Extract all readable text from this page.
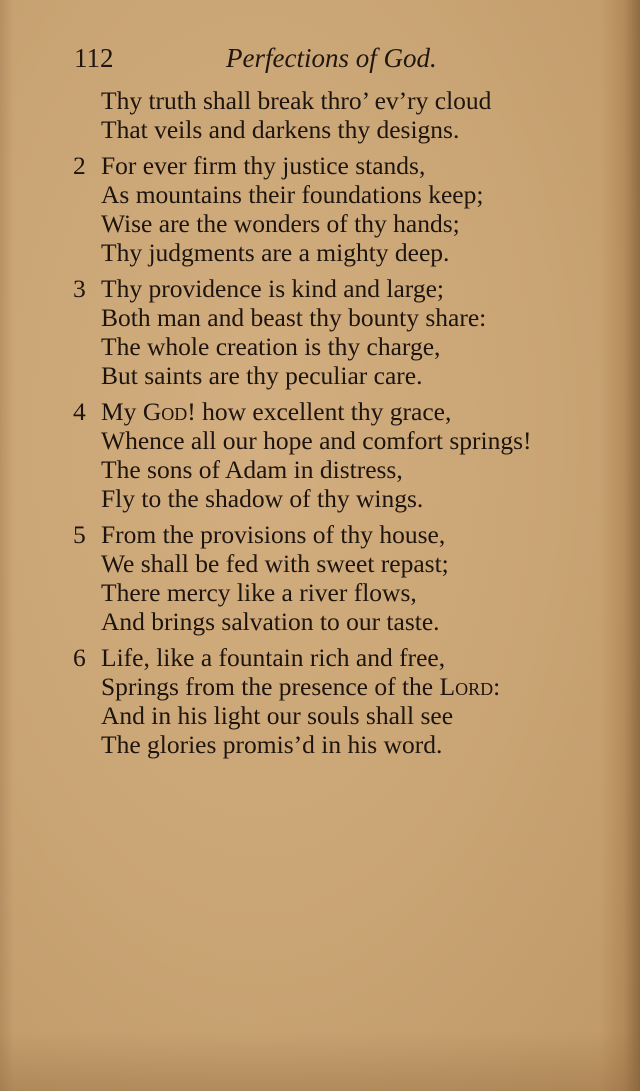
112	Perfections of God.
Thy truth shall break thro’ ev’ry cloud
That veils and darkens thy designs.
2 For ever firm thy justice stands,
As mountains their foundations keep;
Wise are the wonders of thy hands;
Thy judgments are a mighty deep.
3 Thy providence is kind and large;
Both man and beast thy bounty share:
The whole creation is thy charge,
But saints are thy peculiar care.
4 My God! how excellent thy grace,
Whence all our hope and comfort springs!
The sons of Adam in distress,
Fly to the shadow of thy wings.
5 From the provisions of thy house,
We shall be fed with sweet repast;
There mercy like a river flows,
And brings salvation to our taste.
6 Life, like a fountain rich and free,
Springs from the presence of the Lord:
And in his light our souls shall see
The glories promis’d in his word.
